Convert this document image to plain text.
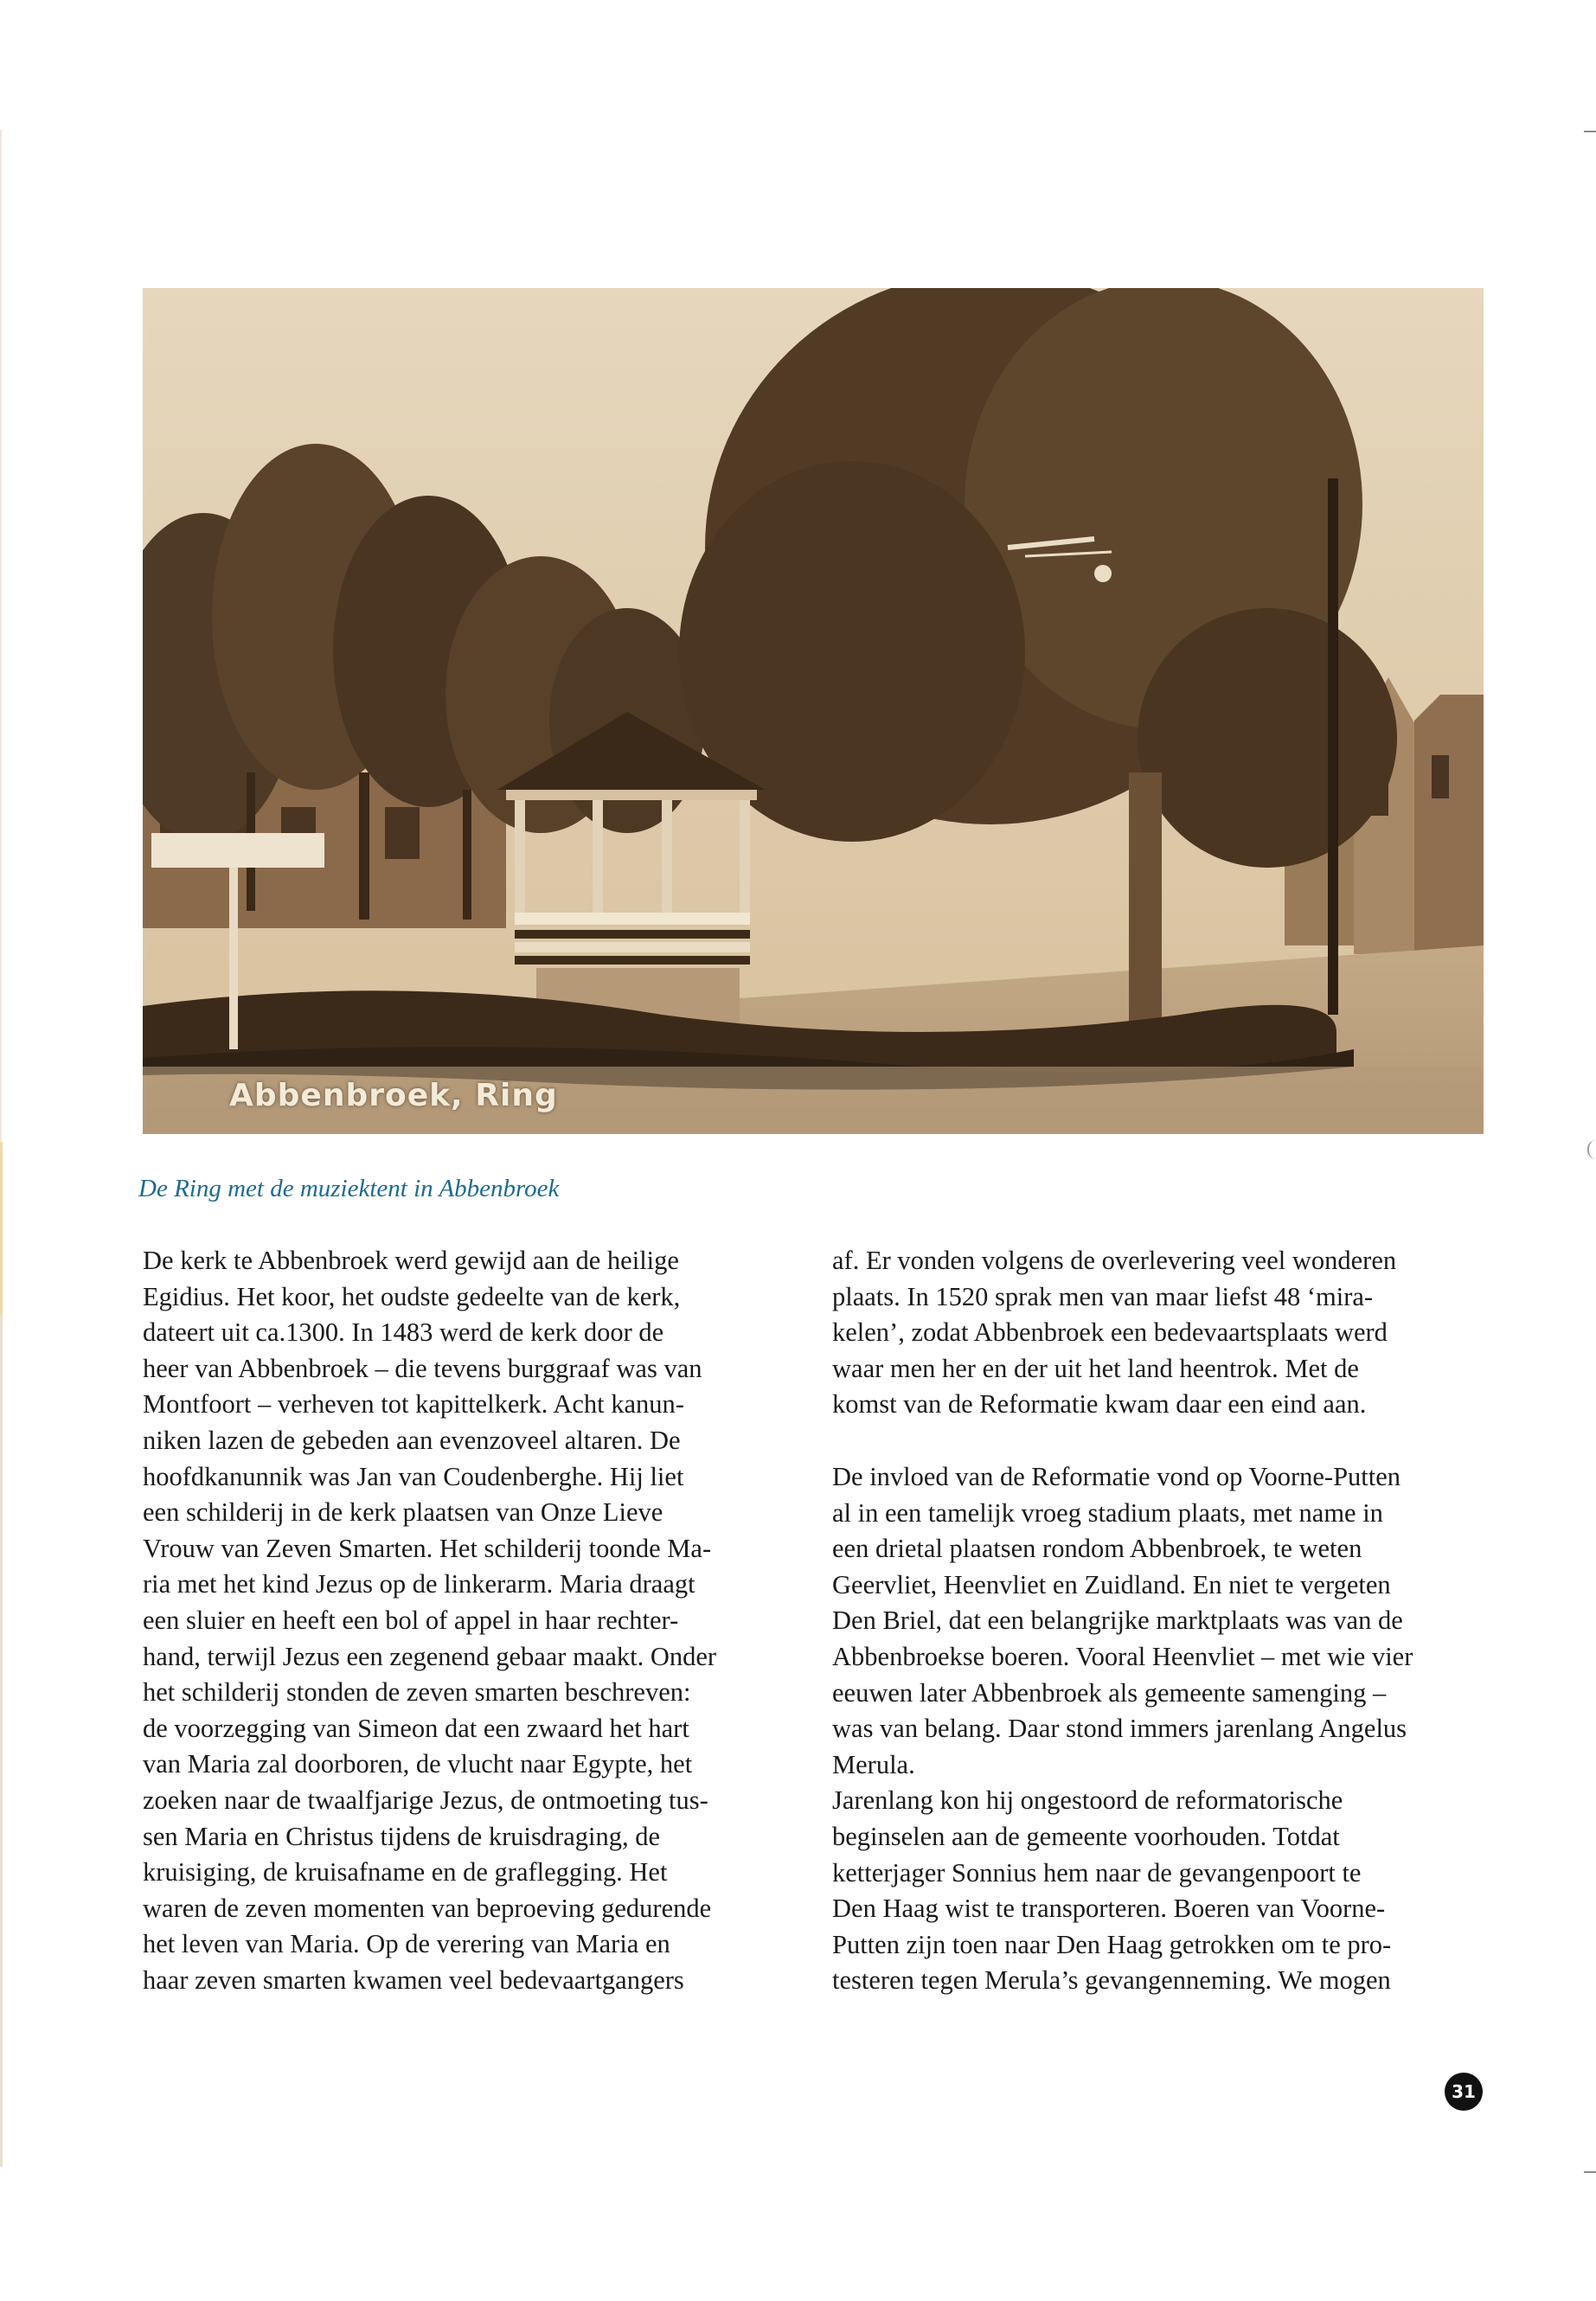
Abbenbroek, Ring
De Ring met de muziektent in Abbenbroek
De kerk te Abbenbroek werd gewijd aan de heilige
Egidius. Het koor, het oudste gedeelte van de kerk,
dateert uit ca.1300. In 1483 werd de kerk door de
heer van Abbenbroek – die tevens burggraaf was van
Montfoort – verheven tot kapittelkerk. Acht kanun-
niken lazen de gebeden aan evenzoveel altaren. De
hoofdkanunnik was Jan van Coudenberghe. Hij liet
een schilderij in de kerk plaatsen van Onze Lieve
Vrouw van Zeven Smarten. Het schilderij toonde Ma-
ria met het kind Jezus op de linkerarm. Maria draagt
een sluier en heeft een bol of appel in haar rechter-
hand, terwijl Jezus een zegenend gebaar maakt. Onder
het schilderij stonden de zeven smarten beschreven:
de voorzegging van Simeon dat een zwaard het hart
van Maria zal doorboren, de vlucht naar Egypte, het
zoeken naar de twaalfjarige Jezus, de ontmoeting tus-
sen Maria en Christus tijdens de kruisdraging, de
kruisiging, de kruisafname en de graflegging. Het
waren de zeven momenten van beproeving gedurende
het leven van Maria. Op de verering van Maria en
haar zeven smarten kwamen veel bedevaartgangers
af. Er vonden volgens de overlevering veel wonderen
plaats. In 1520 sprak men van maar liefst 48 ‘mira-
kelen’, zodat Abbenbroek een bedevaartsplaats werd
waar men her en der uit het land heentrok. Met de
komst van de Reformatie kwam daar een eind aan.
De invloed van de Reformatie vond op Voorne-Putten
al in een tamelijk vroeg stadium plaats, met name in
een drietal plaatsen rondom Abbenbroek, te weten
Geervliet, Heenvliet en Zuidland. En niet te vergeten
Den Briel, dat een belangrijke marktplaats was van de
Abbenbroekse boeren. Vooral Heenvliet – met wie vier
eeuwen later Abbenbroek als gemeente samenging –
was van belang. Daar stond immers jarenlang Angelus
Merula.
Jarenlang kon hij ongestoord de reformatorische
beginselen aan de gemeente voorhouden. Totdat
ketterjager Sonnius hem naar de gevangenpoort te
Den Haag wist te transporteren. Boeren van Voorne-
Putten zijn toen naar Den Haag getrokken om te pro-
testeren tegen Merula’s gevangenneming. We mogen
31
